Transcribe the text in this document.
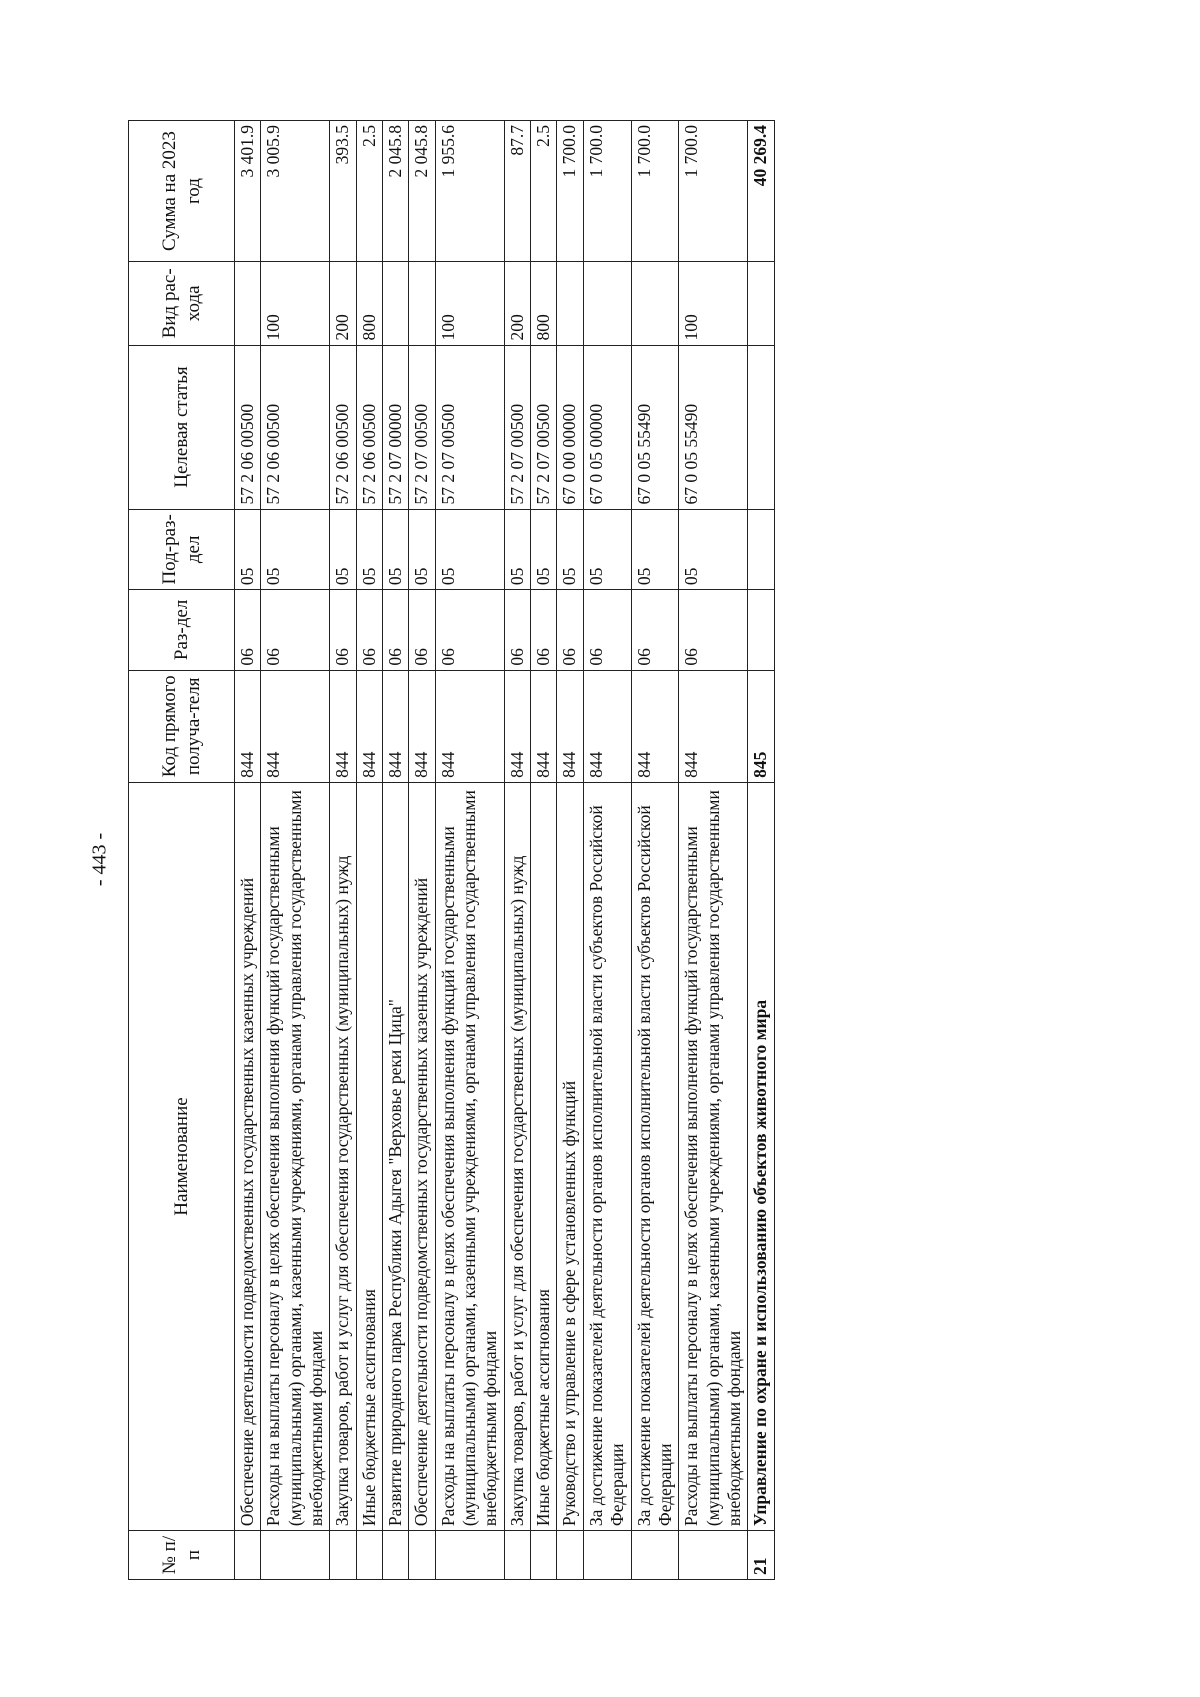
- 443 -
№ п/п	Наименование	Код прямого получа-теля	Раз-дел	Под-раз-дел	Целевая статья	Вид рас-хода	Сумма на 2023 год
	Обеспечение деятельности подведомственных государственных казенных учреждений	844	06	05	57 2 06 00500		3 401.9
	Расходы на выплаты персоналу в целях обеспечения выполнения функций государственными (муниципальными) органами, казенными учреждениями, органами управления государственными внебюджетными фондами	844	06	05	57 2 06 00500	100	3 005.9
	Закупка товаров, работ и услуг для обеспечения государственных (муниципальных) нужд	844	06	05	57 2 06 00500	200	393.5
	Иные бюджетные ассигнования	844	06	05	57 2 06 00500	800	2.5
	Развитие природного парка Республики Адыгея "Верховье реки Цица"	844	06	05	57 2 07 00000		2 045.8
	Обеспечение деятельности подведомственных государственных казенных учреждений	844	06	05	57 2 07 00500		2 045.8
	Расходы на выплаты персоналу в целях обеспечения выполнения функций государственными (муниципальными) органами, казенными учреждениями, органами управления государственными внебюджетными фондами	844	06	05	57 2 07 00500	100	1 955.6
	Закупка товаров, работ и услуг для обеспечения государственных (муниципальных) нужд	844	06	05	57 2 07 00500	200	87.7
	Иные бюджетные ассигнования	844	06	05	57 2 07 00500	800	2.5
	Руководство и управление в сфере установленных функций	844	06	05	67 0 00 00000		1 700.0
	За достижение показателей деятельности органов исполнительной власти субъектов Российской Федерации	844	06	05	67 0 05 00000		1 700.0
	За достижение показателей деятельности органов исполнительной власти субъектов Российской Федерации	844	06	05	67 0 05 55490		1 700.0
	Расходы на выплаты персоналу в целях обеспечения выполнения функций государственными (муниципальными) органами, казенными учреждениями, органами управления государственными внебюджетными фондами	844	06	05	67 0 05 55490	100	1 700.0
21	Управление по охране и использованию объектов животного мира	845					40 269.4
